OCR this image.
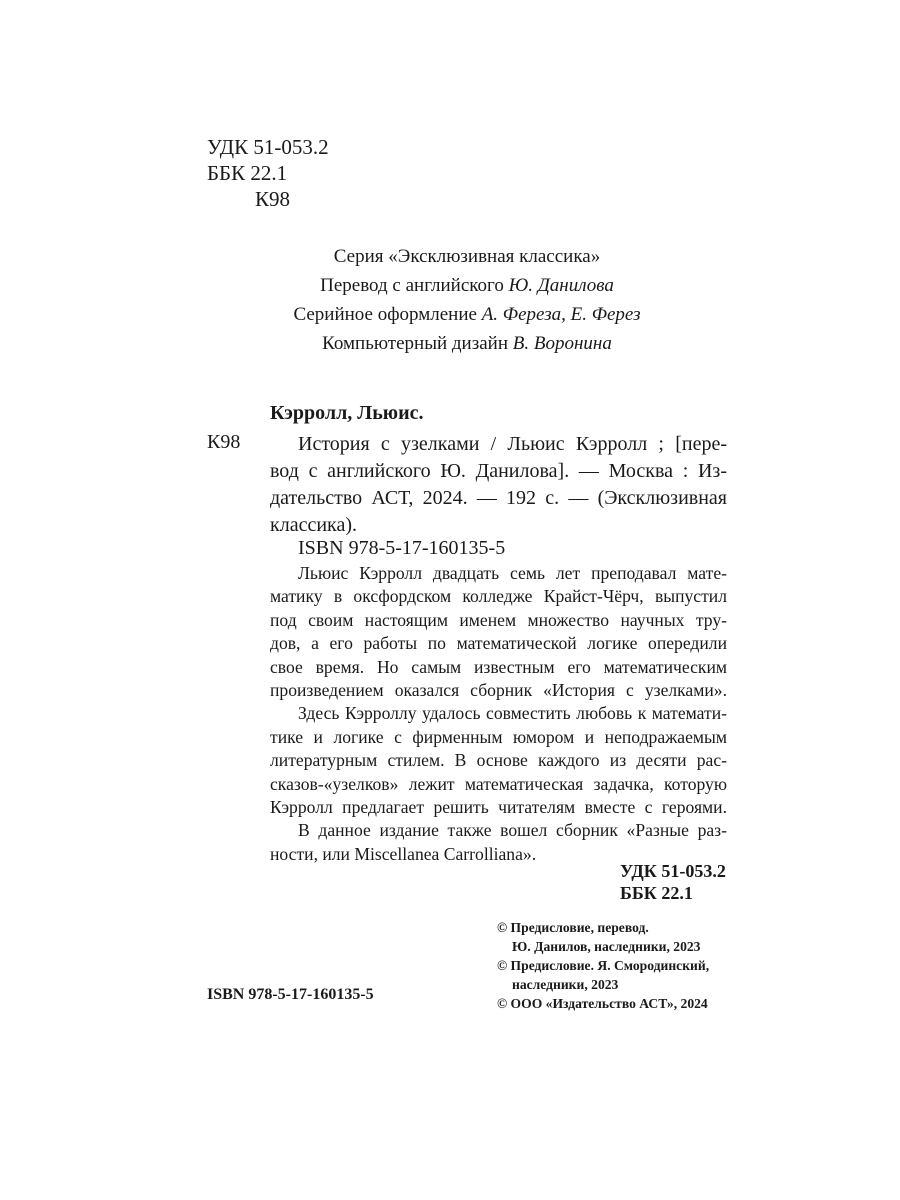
УДК 51-053.2
ББК 22.1
К98
Серия «Эксклюзивная классика»
Перевод с английского Ю. Данилова
Серийное оформление А. Фереза, Е. Ферез
Компьютерный дизайн В. Воронина
Кэрролл, Льюис.
К98	История с узелками / Льюис Кэрролл ; [пере-
вод с английского Ю. Данилова]. — Москва : Из-
дательство АСТ, 2024. — 192 с. — (Эксклюзивная
классика).
ISBN 978-5-17-160135-5
Льюис Кэрролл двадцать семь лет преподавал мате-
матику в оксфордском колледже Крайст-Чёрч, выпустил
под своим настоящим именем множество научных тру-
дов, а его работы по математической логике опередили
свое время. Но самым известным его математическим
произведением оказался сборник «История с узелками».
Здесь Кэрроллу удалось совместить любовь к математи-
тике и логике с фирменным юмором и неподражаемым
литературным стилем. В основе каждого из десяти рас-
сказов-«узелков» лежит математическая задачка, которую
Кэрролл предлагает решить читателям вместе с героями.
В данное издание также вошел сборник «Разные раз-
ности, или Miscellanea Carrolliana».
УДК 51-053.2
ББК 22.1
© Предисловие, перевод.
Ю. Данилов, наследники, 2023
© Предисловие. Я. Смородинский,
наследники, 2023
© ООО «Издательство АСТ», 2024
ISBN 978-5-17-160135-5
